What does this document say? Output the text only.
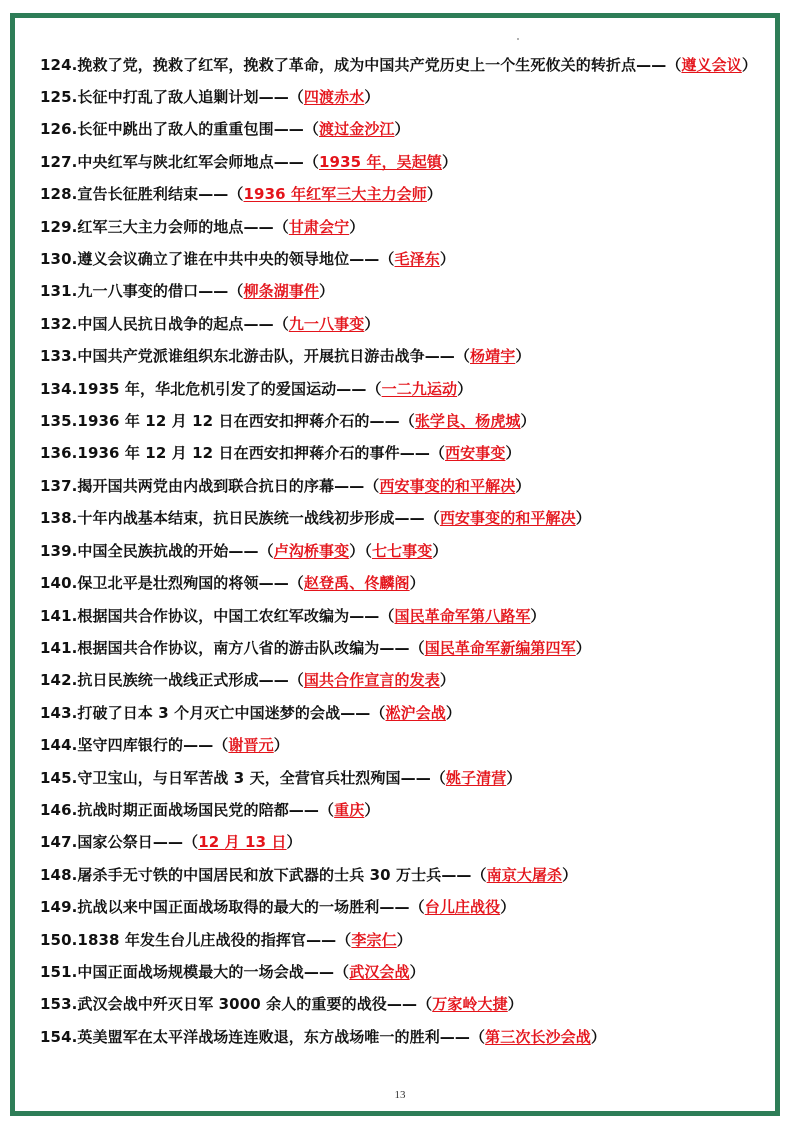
124.挽救了党，挽救了红军，挽救了革命，成为中国共产党历史上一个生死攸关的转折点——（遵义会议）
125.长征中打乱了敌人追剿计划——（四渡赤水）
126.长征中跳出了敌人的重重包围——（渡过金沙江）
127.中央红军与陕北红军会师地点——（1935 年，吴起镇）
128.宣告长征胜利结束——（1936 年红军三大主力会师）
129.红军三大主力会师的地点——（甘肃会宁）
130.遵义会议确立了谁在中共中央的领导地位——（毛泽东）
131.九一八事变的借口——（柳条湖事件）
132.中国人民抗日战争的起点——（九一八事变）
133.中国共产党派谁组织东北游击队，开展抗日游击战争——（杨靖宇）
134.1935 年，华北危机引发了的爱国运动——（一二九运动）
135.1936 年 12 月 12 日在西安扣押蒋介石的——（张学良、杨虎城）
136.1936 年 12 月 12 日在西安扣押蒋介石的事件——（西安事变）
137.揭开国共两党由内战到联合抗日的序幕——（西安事变的和平解决）
138.十年内战基本结束，抗日民族统一战线初步形成——（西安事变的和平解决）
139.中国全民族抗战的开始——（卢沟桥事变）（七七事变）
140.保卫北平是壮烈殉国的将领——（赵登禹、佟麟阁）
141.根据国共合作协议，中国工农红军改编为——（国民革命军第八路军）
141.根据国共合作协议，南方八省的游击队改编为——（国民革命军新编第四军）
142.抗日民族统一战线正式形成——（国共合作宣言的发表）
143.打破了日本 3 个月灭亡中国迷梦的会战——（淞沪会战）
144.坚守四库银行的——（谢晋元）
145.守卫宝山，与日军苦战 3 天，全营官兵壮烈殉国——（姚子清营）
146.抗战时期正面战场国民党的陪都——（重庆）
147.国家公祭日——（12 月 13 日）
148.屠杀手无寸铁的中国居民和放下武器的士兵 30 万士兵——（南京大屠杀）
149.抗战以来中国正面战场取得的最大的一场胜利——（台儿庄战役）
150.1838 年发生台儿庄战役的指挥官——（李宗仁）
151.中国正面战场规模最大的一场会战——（武汉会战）
153.武汉会战中歼灭日军 3000 余人的重要的战役——（万家岭大捷）
154.英美盟军在太平洋战场连连败退，东方战场唯一的胜利——（第三次长沙会战）
13
